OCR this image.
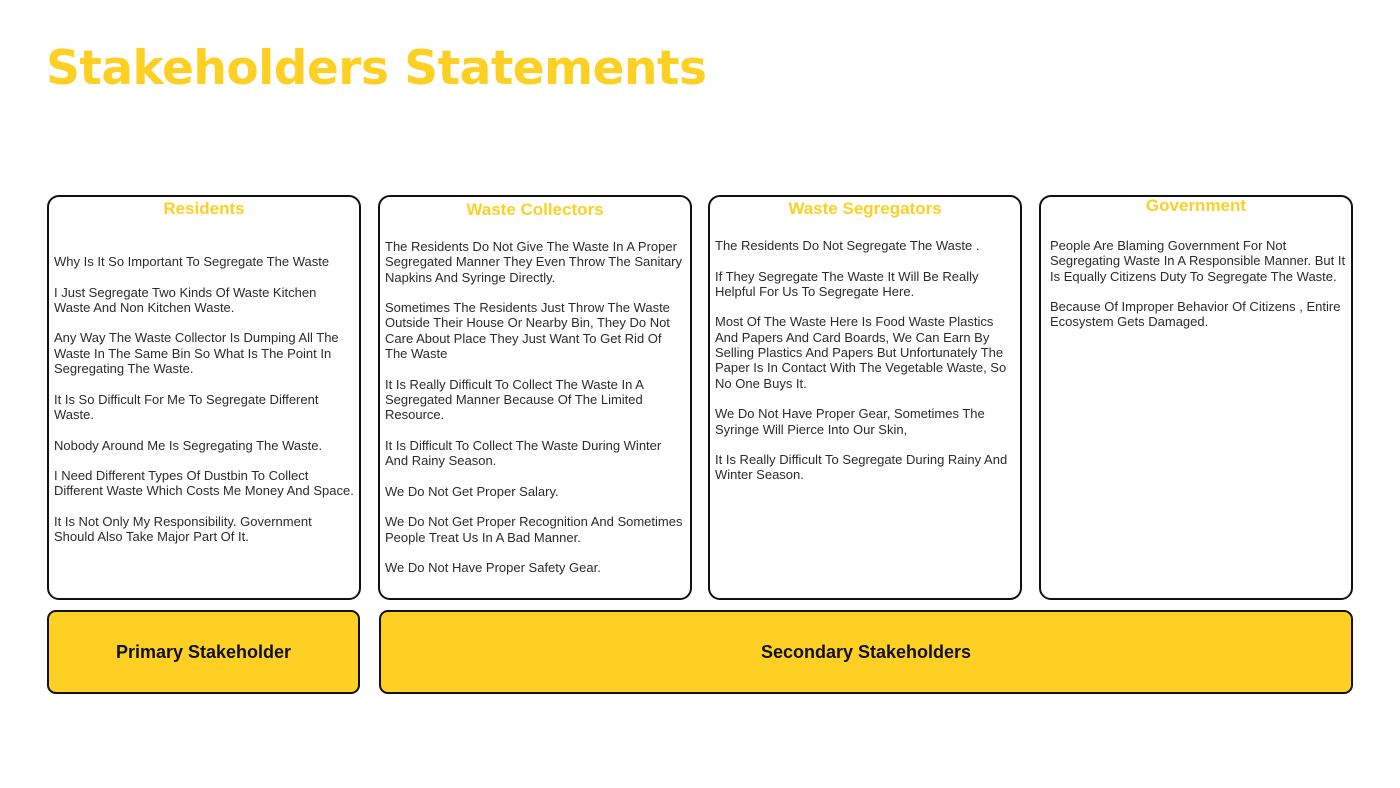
Stakeholders Statements
Residents

Why Is It So Important To Segregate The Waste

I Just Segregate Two Kinds Of Waste Kitchen Waste And Non Kitchen Waste.

Any Way The Waste Collector Is Dumping All The Waste In The Same Bin So What Is The Point In Segregating The Waste.

It Is So Difficult For Me To Segregate Different Waste.

Nobody Around Me Is Segregating The Waste.

I Need Different Types Of Dustbin To Collect Different Waste Which Costs Me Money And Space.

It Is Not Only My Responsibility. Government Should Also Take Major Part Of It.

Waste Collectors

The Residents Do Not Give The Waste In A Proper Segregated Manner They Even Throw The Sanitary Napkins And Syringe Directly.

Sometimes The Residents Just Throw The Waste Outside Their House Or Nearby Bin, They Do Not Care About Place They Just Want To Get Rid Of The Waste

It Is Really Difficult To Collect The Waste In A Segregated Manner Because Of The Limited Resource.

It Is Difficult To Collect The Waste During Winter And Rainy Season.

We Do Not Get Proper Salary.

We Do Not Get Proper Recognition And Sometimes People Treat Us In A Bad Manner.

We Do Not Have Proper Safety Gear.

Waste Segregators

The Residents Do Not Segregate The Waste .

If They Segregate The Waste It Will Be Really Helpful For Us To Segregate Here.

Most Of The Waste Here Is Food Waste Plastics And Papers And Card Boards, We Can Earn By Selling Plastics And Papers But Unfortunately The Paper Is In Contact With The Vegetable Waste, So No One Buys It.

We Do Not Have Proper Gear, Sometimes The Syringe Will Pierce Into Our Skin,

It Is Really Difficult To Segregate During Rainy And Winter Season.

Government

People Are Blaming Government For Not Segregating Waste In A Responsible Manner. But It Is Equally Citizens Duty To Segregate The Waste.

Because Of Improper Behavior Of Citizens , Entire Ecosystem Gets Damaged.

Primary Stakeholder	Secondary Stakeholders
